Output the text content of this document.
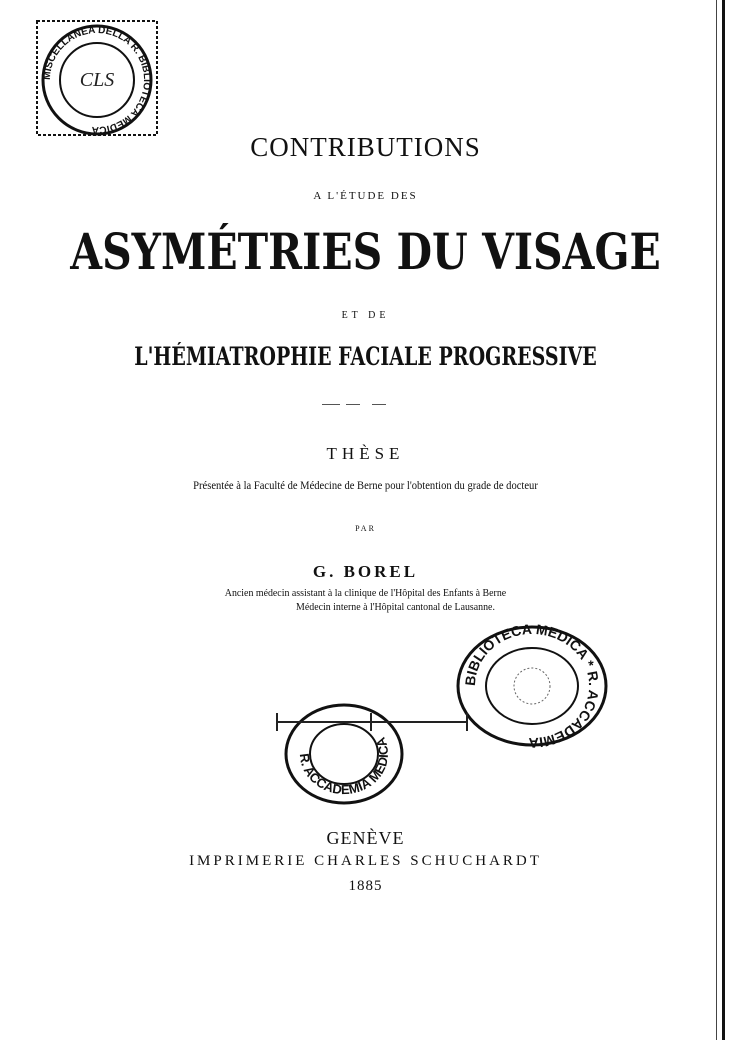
MISCELLANEA DELLA R. BIBLIOTECA MEDICA
CLS
CONTRIBUTIONS
A L'ÉTUDE DES
ASYMÉTRIES DU VISAGE
ET DE
L'HÉMIATROPHIE FACIALE PROGRESSIVE
THÈSE
Présentée à la Faculté de Médecine de Berne pour l'obtention du grade de docteur
PAR
G. BOREL
Ancien médecin assistant à la clinique de l'Hôpital des Enfants à Berne
Médecin interne à l'Hôpital cantonal de Lausanne.
BIBLIOTECA MEDICA * R. ACCADEMIA
R. ACCADEMIA MEDICA
GENÈVE
IMPRIMERIE CHARLES SCHUCHARDT
1885
